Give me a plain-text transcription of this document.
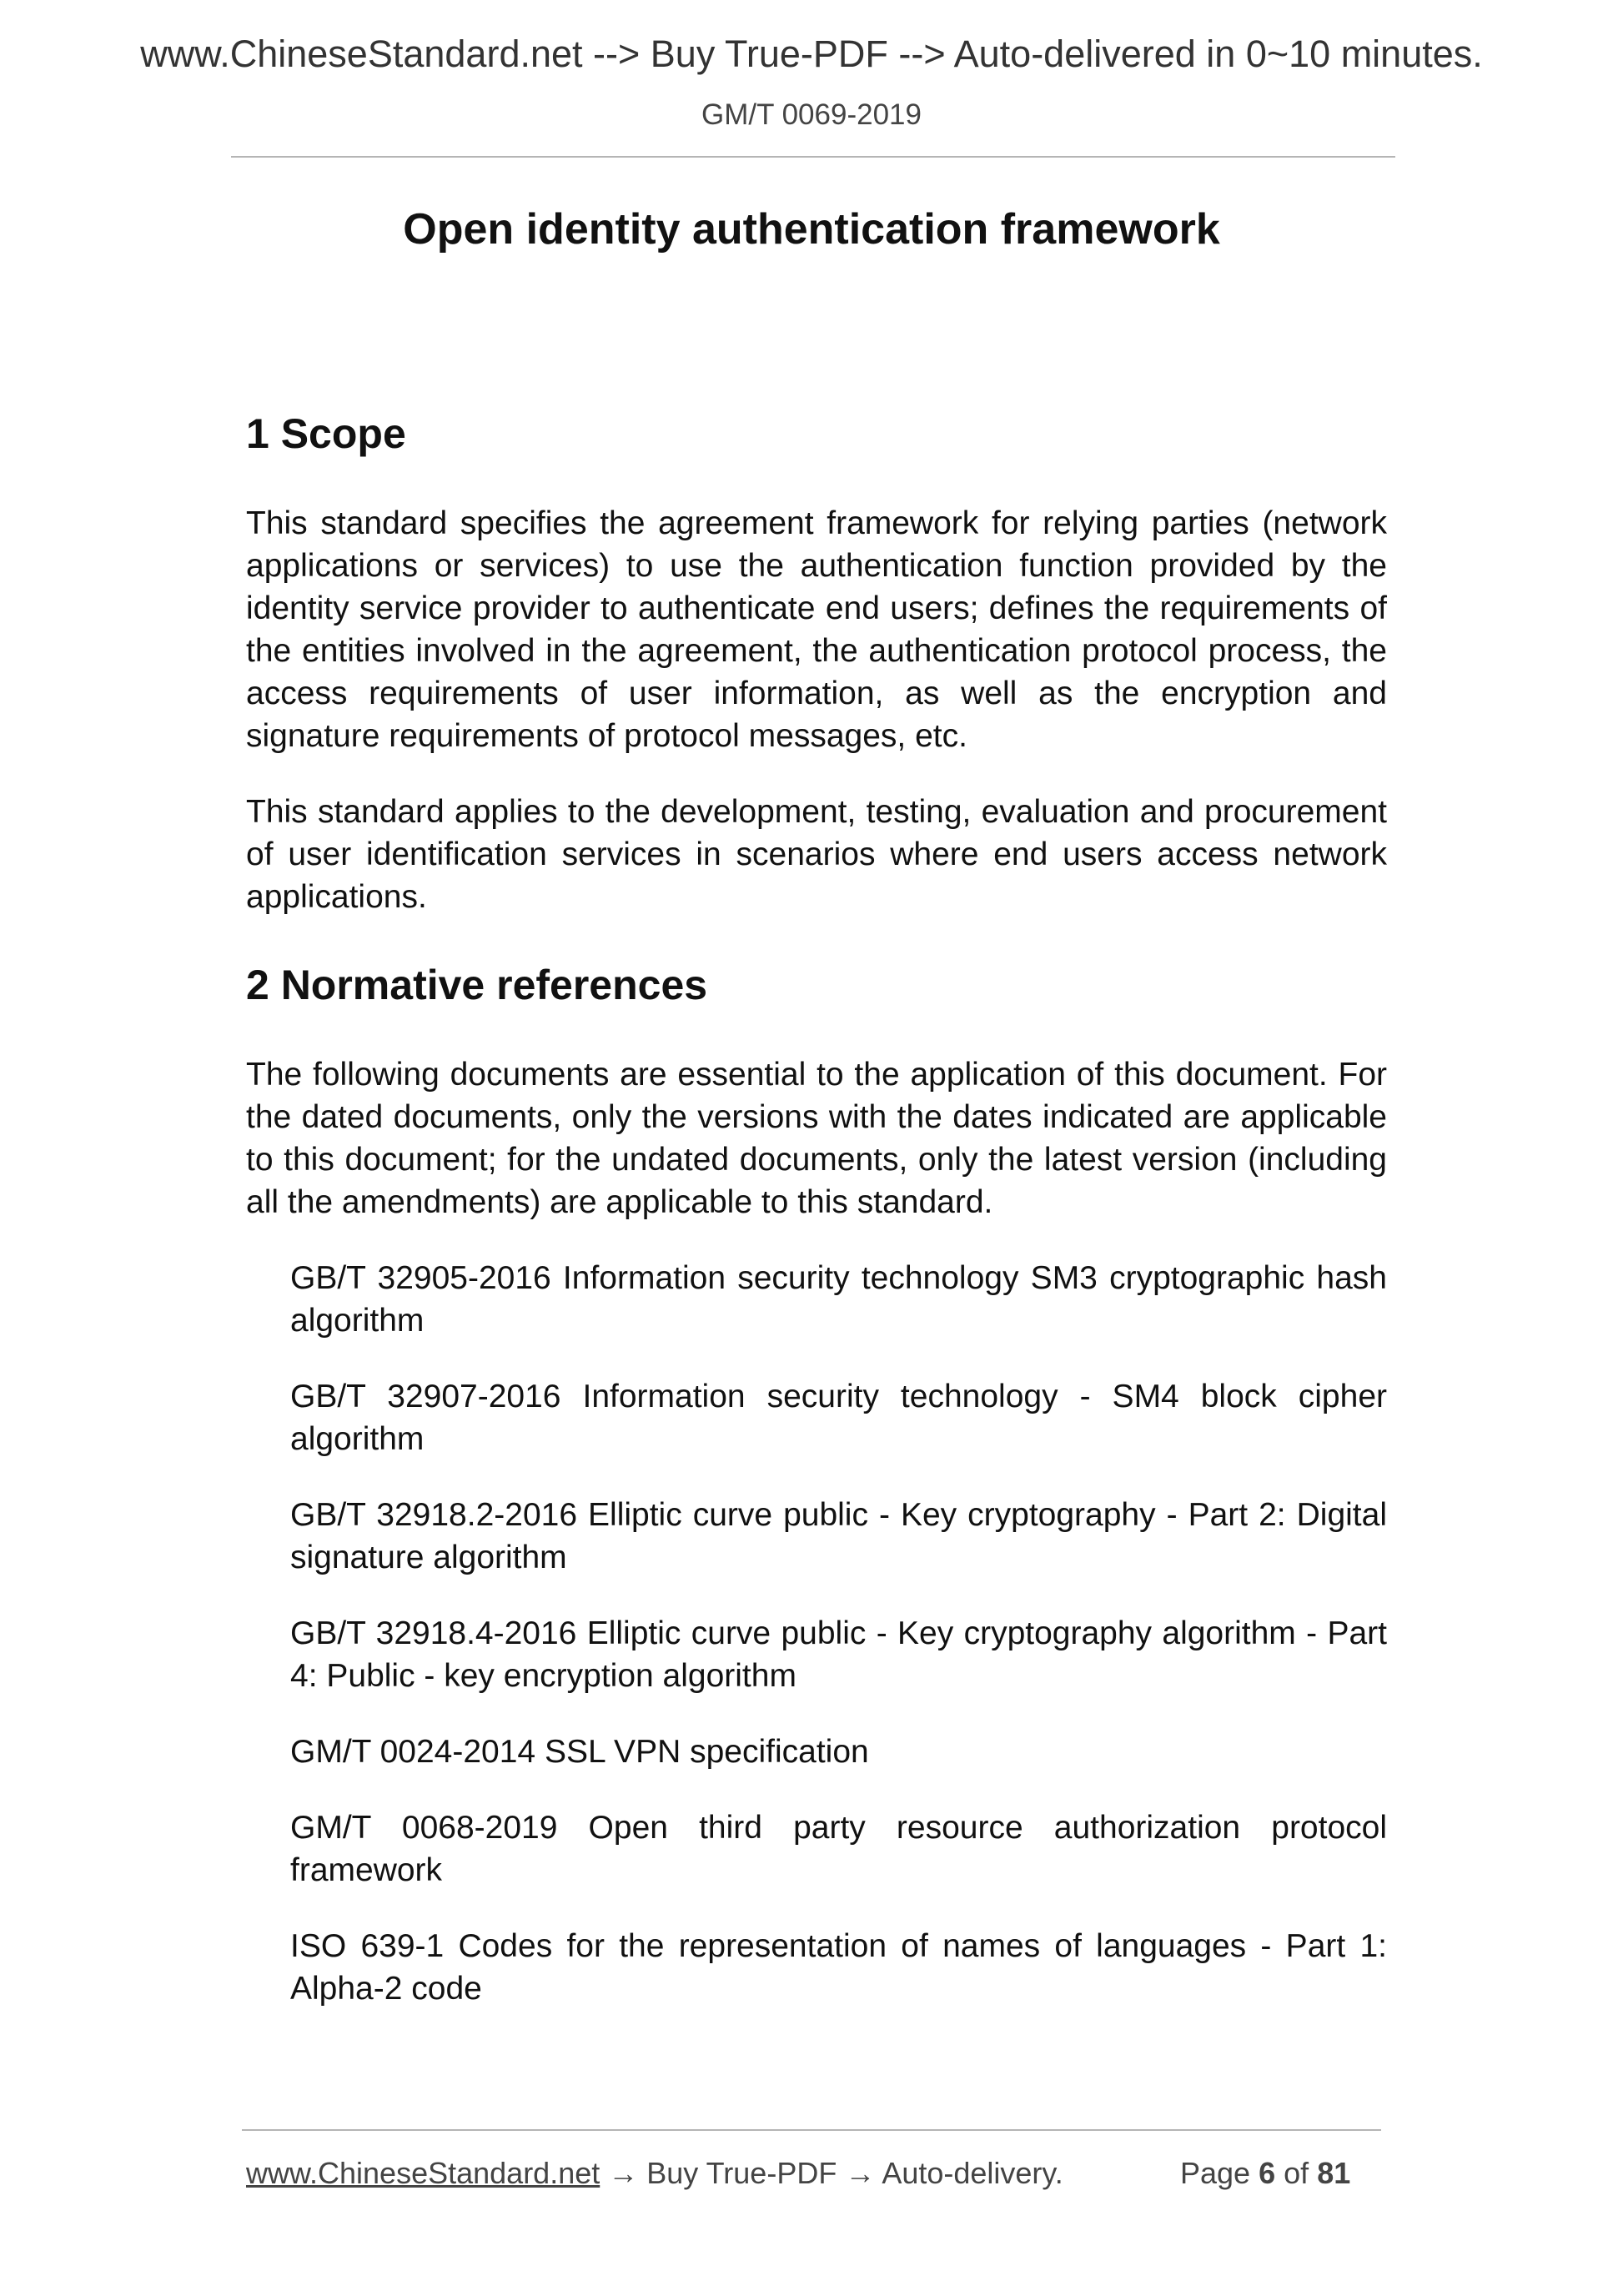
www.ChineseStandard.net --> Buy True-PDF --> Auto-delivered in 0~10 minutes.
GM/T 0069-2019
Open identity authentication framework
1 Scope

This standard specifies the agreement framework for relying parties (network applications or services) to use the authentication function provided by the identity service provider to authenticate end users; defines the requirements of the entities involved in the agreement, the authentication protocol process, the access requirements of user information, as well as the encryption and signature requirements of protocol messages, etc.

This standard applies to the development, testing, evaluation and procurement of user identification services in scenarios where end users access network applications.

2 Normative references

The following documents are essential to the application of this document. For the dated documents, only the versions with the dates indicated are applicable to this document; for the undated documents, only the latest version (including all the amendments) are applicable to this standard.

GB/T 32905-2016 Information security technology SM3 cryptographic hash algorithm
GB/T 32907-2016 Information security technology - SM4 block cipher algorithm
GB/T 32918.2-2016 Elliptic curve public - Key cryptography - Part 2: Digital signature algorithm
GB/T 32918.4-2016 Elliptic curve public - Key cryptography algorithm - Part 4: Public - key encryption algorithm
GM/T 0024-2014 SSL VPN specification
GM/T 0068-2019 Open third party resource authorization protocol framework
ISO 639-1 Codes for the representation of names of languages - Part 1: Alpha-2 code
www.ChineseStandard.net → Buy True-PDF → Auto-delivery.	Page 6 of 81
